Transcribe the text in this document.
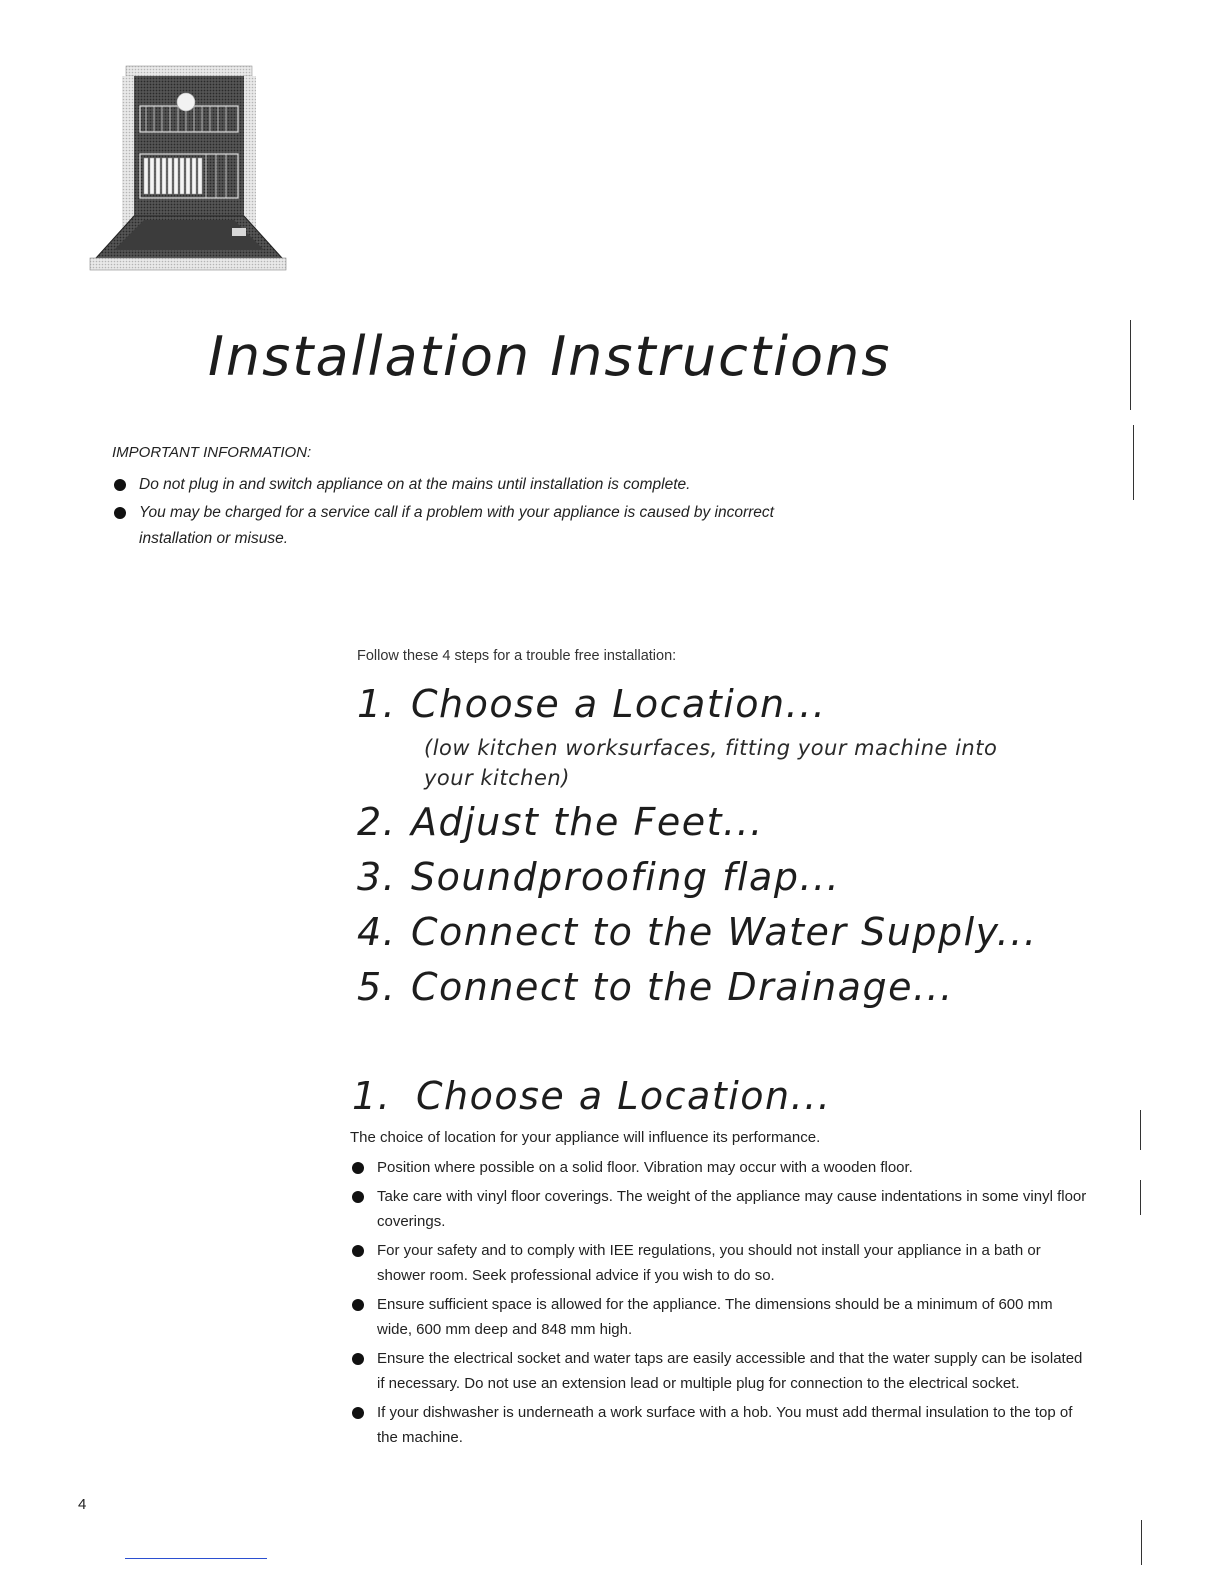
Installation Instructions
IMPORTANT INFORMATION:
Do not plug in and switch appliance on at the mains until installation is complete.
You may be charged for a service call if a problem with your appliance is caused by incorrect installation or misuse.
Follow these 4 steps for a trouble free installation:
1. Choose a Location...
(low kitchen worksurfaces, fitting your machine into your kitchen)
2. Adjust the Feet...
3. Soundproofing flap...
4. Connect to the Water Supply...
5. Connect to the Drainage...
1. Choose a Location...
The choice of location for your appliance will influence its performance.
Position where possible on a solid floor. Vibration may occur with a wooden floor.
Take care with vinyl floor coverings. The weight of the appliance may cause indentations in some vinyl floor coverings.
For your safety and to comply with IEE regulations, you should not install your appliance in a bath or shower room. Seek professional advice if you wish to do so.
Ensure sufficient space is allowed for the appliance. The dimensions should be a minimum of 600 mm wide, 600 mm deep and 848 mm high.
Ensure the electrical socket and water taps are easily accessible and that the water supply can be isolated if necessary. Do not use an extension lead or multiple plug for connection to the electrical socket.
If your dishwasher is underneath a work surface with a hob. You must add thermal insulation to the top of the machine.
4
